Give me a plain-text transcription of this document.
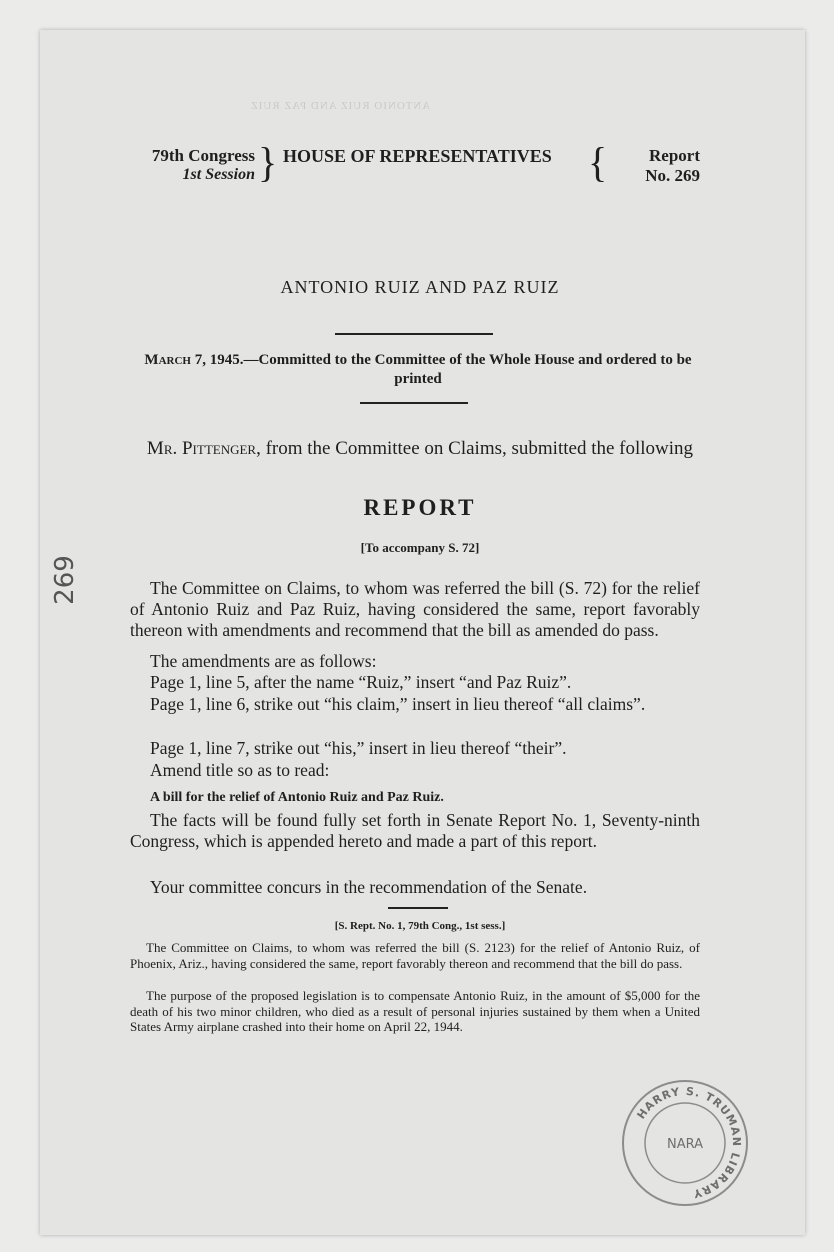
ANTONIO RUIZ AND PAZ RUIZ
79th Congress
1st Session } HOUSE OF REPRESENTATIVES {	Report
No. 269
ANTONIO RUIZ AND PAZ RUIZ
March 7, 1945.—Committed to the Committee of the Whole House and ordered to be printed
Mr. Pittenger, from the Committee on Claims, submitted the following
REPORT
[To accompany S. 72]
The Committee on Claims, to whom was referred the bill (S. 72) for the relief of Antonio Ruiz and Paz Ruiz, having considered the same, report favorably thereon with amendments and recommend that the bill as amended do pass.
The amendments are as follows:
Page 1, line 5, after the name “Ruiz,” insert “and Paz Ruiz”.
Page 1, line 6, strike out “his claim,” insert in lieu thereof “all claims”.
Page 1, line 7, strike out “his,” insert in lieu thereof “their”.
Amend title so as to read:
A bill for the relief of Antonio Ruiz and Paz Ruiz.
The facts will be found fully set forth in Senate Report No. 1, Seventy-ninth Congress, which is appended hereto and made a part of this report.
Your committee concurs in the recommendation of the Senate.
[S. Rept. No. 1, 79th Cong., 1st sess.]
The Committee on Claims, to whom was referred the bill (S. 2123) for the relief of Antonio Ruiz, of Phoenix, Ariz., having considered the same, report favorably thereon and recommend that the bill do pass.
The purpose of the proposed legislation is to compensate Antonio Ruiz, in the amount of $5,000 for the death of his two minor children, who died as a result of personal injuries sustained by them when a United States Army airplane crashed into their home on April 22, 1944.
269
HARRY S. TRUMAN LIBRARY
NARA
